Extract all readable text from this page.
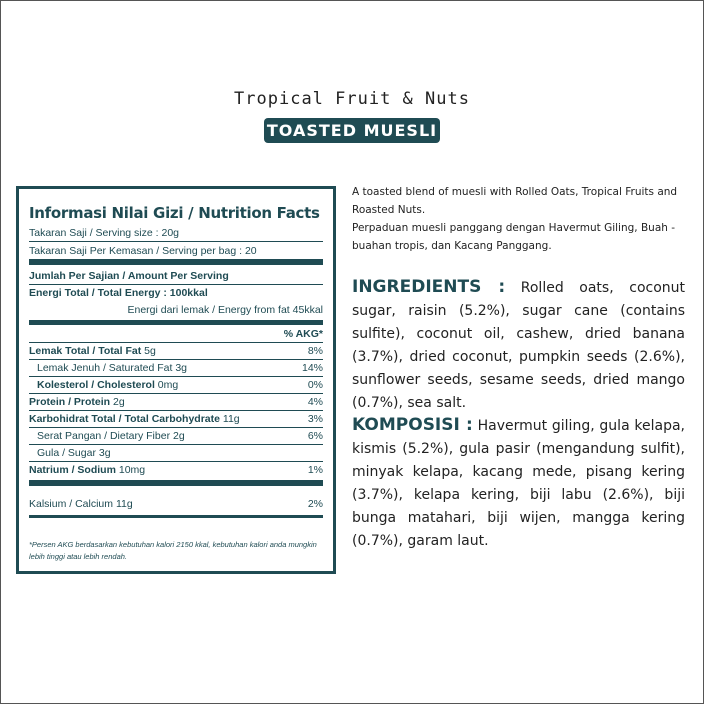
Tropical Fruit & Nuts
TOASTED MUESLI
Informasi Nilai Gizi / Nutrition Facts
Takaran Saji / Serving size : 20g
Takaran Saji Per Kemasan / Serving per bag : 20
Jumlah Per Sajian / Amount Per Serving
Energi Total / Total Energy : 100kkal
Energi dari lemak / Energy from fat 45kkal
% AKG*
Lemak Total / Total Fat 5g	8%
Lemak Jenuh / Saturated Fat 3g	14%
Kolesterol / Cholesterol 0mg	0%
Protein / Protein 2g	4%
Karbohidrat Total / Total Carbohydrate 11g	3%
Serat Pangan / Dietary Fiber 2g	6%
Gula / Sugar 3g
Natrium / Sodium 10mg	1%
Kalsium / Calcium 11g	2%
*Persen AKG berdasarkan kebutuhan kalori 2150 kkal, kebutuhan kalori anda mungkin lebih tinggi atau lebih rendah.
A toasted blend of muesli with Rolled Oats, Tropical Fruits and Roasted Nuts.
Perpaduan muesli panggang dengan Havermut Giling, Buah - buahan tropis, dan Kacang Panggang.
INGREDIENTS : Rolled oats, coconut sugar, raisin (5.2%), sugar cane (contains sulfite), coconut oil, cashew, dried banana (3.7%), dried coconut, pumpkin seeds (2.6%), sunflower seeds, sesame seeds, dried mango (0.7%), sea salt.
KOMPOSISI : Havermut giling, gula kelapa, kismis (5.2%), gula pasir (mengandung sulfit), minyak kelapa, kacang mede, pisang kering (3.7%), kelapa kering, biji labu (2.6%), biji bunga matahari, biji wijen, mangga kering (0.7%), garam laut.
